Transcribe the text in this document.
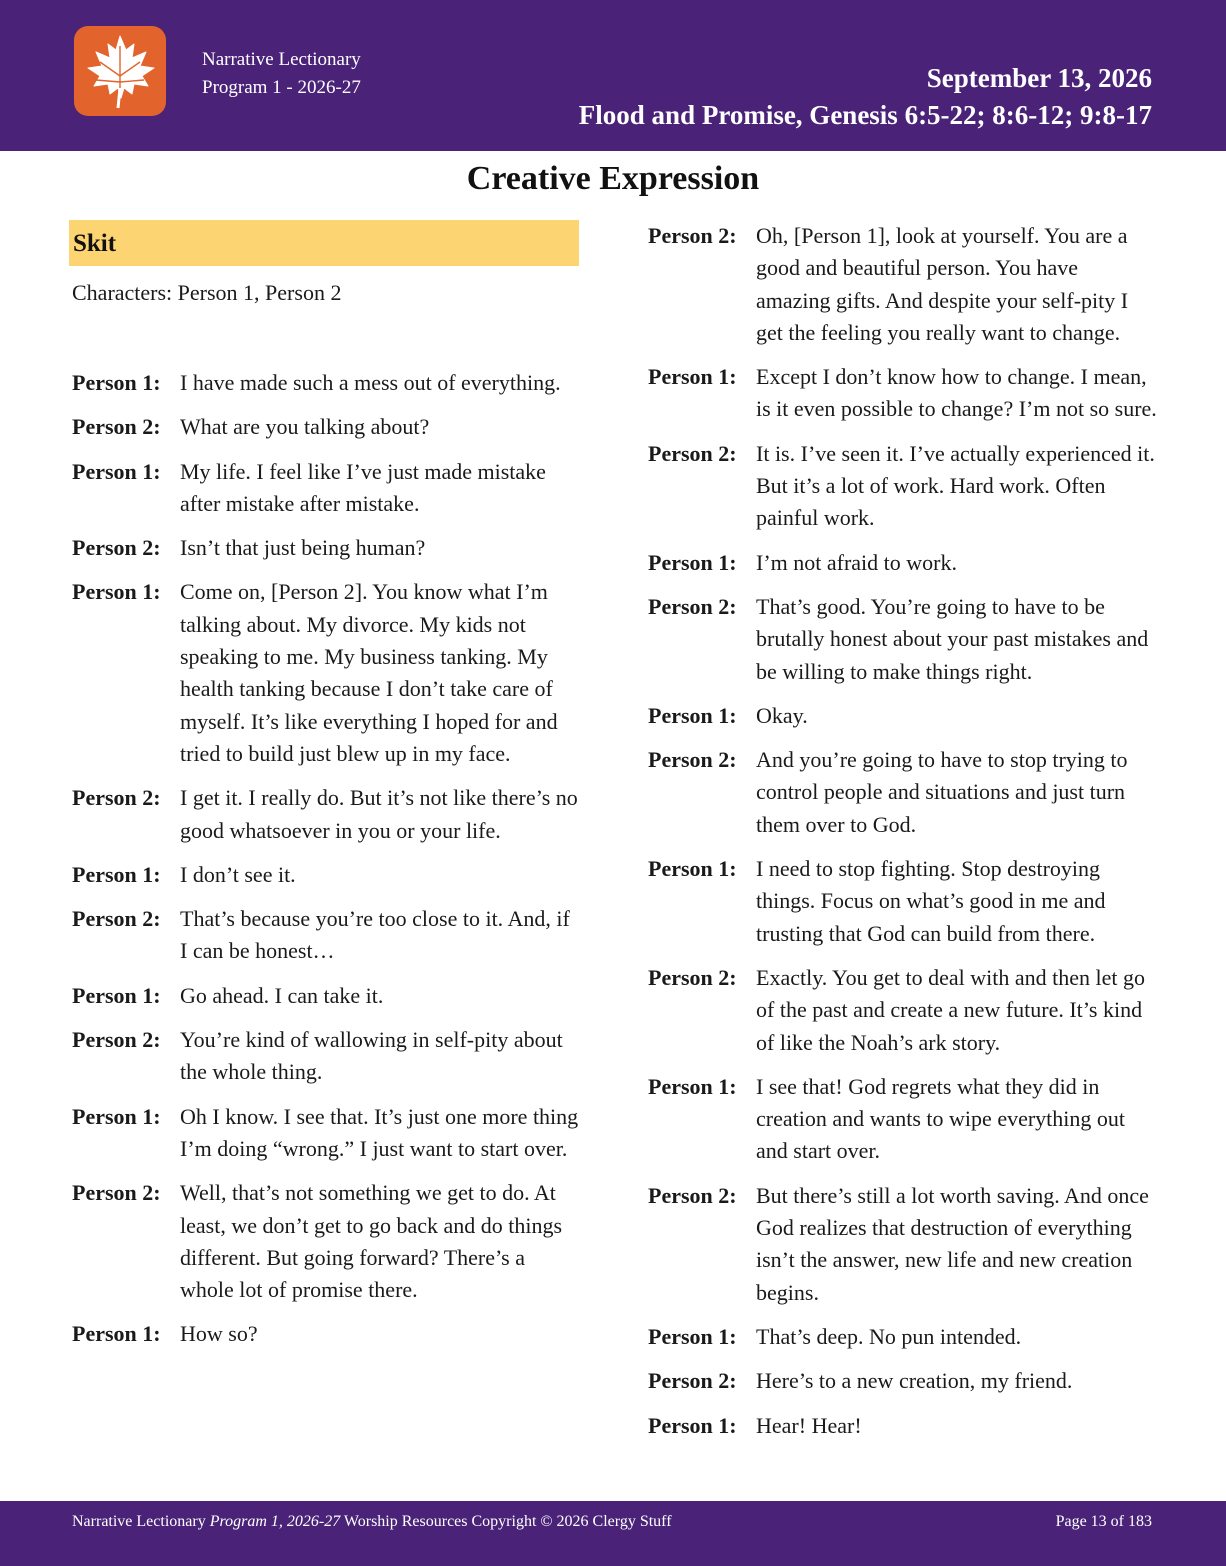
Narrative Lectionary
Program 1 - 2026-27	September 13, 2026
Flood and Promise, Genesis 6:5-22; 8:6-12; 9:8-17
Creative Expression
Skit
Characters: Person 1, Person 2
Person 1: I have made such a mess out of everything.
Person 2: What are you talking about?
Person 1: My life. I feel like I’ve just made mistake after mistake after mistake.
Person 2: Isn’t that just being human?
Person 1: Come on, [Person 2]. You know what I’m talking about. My divorce. My kids not speaking to me. My business tanking. My health tanking because I don’t take care of myself. It’s like everything I hoped for and tried to build just blew up in my face.
Person 2: I get it. I really do. But it’s not like there’s no good whatsoever in you or your life.
Person 1: I don’t see it.
Person 2: That’s because you’re too close to it. And, if I can be honest…
Person 1: Go ahead. I can take it.
Person 2: You’re kind of wallowing in self-pity about the whole thing.
Person 1: Oh I know. I see that. It’s just one more thing I’m doing “wrong.” I just want to start over.
Person 2: Well, that’s not something we get to do. At least, we don’t get to go back and do things different. But going forward? There’s a whole lot of promise there.
Person 1: How so?
Person 2: Oh, [Person 1], look at yourself. You are a good and beautiful person. You have amazing gifts. And despite your self-pity I get the feeling you really want to change.
Person 1: Except I don’t know how to change. I mean, is it even possible to change? I’m not so sure.
Person 2: It is. I’ve seen it. I’ve actually experienced it. But it’s a lot of work. Hard work. Often painful work.
Person 1: I’m not afraid to work.
Person 2: That’s good. You’re going to have to be brutally honest about your past mistakes and be willing to make things right.
Person 1: Okay.
Person 2: And you’re going to have to stop trying to control people and situations and just turn them over to God.
Person 1: I need to stop fighting. Stop destroying things. Focus on what’s good in me and trusting that God can build from there.
Person 2: Exactly. You get to deal with and then let go of the past and create a new future. It’s kind of like the Noah’s ark story.
Person 1: I see that! God regrets what they did in creation and wants to wipe everything out and start over.
Person 2: But there’s still a lot worth saving. And once God realizes that destruction of everything isn’t the answer, new life and new creation begins.
Person 1: That’s deep. No pun intended.
Person 2: Here’s to a new creation, my friend.
Person 1: Hear! Hear!
Narrative Lectionary Program 1, 2026-27 Worship Resources Copyright © 2026 Clergy Stuff	Page 13 of 183
